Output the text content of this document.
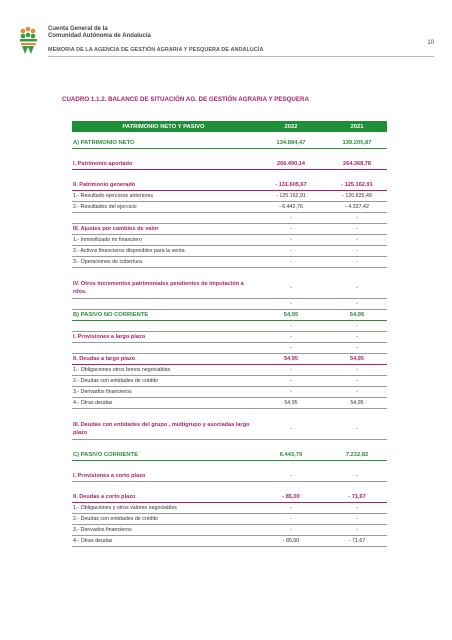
Cuenta General de la
Comunidad Autónoma de Andalucía
MEMORIA DE LA AGENCIA DE GESTIÓN AGRARIA Y PESQUERA DE ANDALUCÍA
10
CUADRO 1.1.2. BALANCE DE SITUACIÓN AG. DE GESTIÓN AGRARIA Y PESQUERA
PATRIMONIO NETO Y PASIVO	2022	2021

A) PATRIMONIO NETO	134.884,47	139.205,87

I. Patrimonio aportado	266.490,14	264.368,78

II. Patrimonio generado	- 131.605,67	- 125.162,91
1.- Resultado ejercicios anteriores	- 125.162,91	- 120.825,49
2.- Resultados del ejercicio	- 6.442,76	- 4.337,42
	-	-
III. Ajustes por cambios de valor	-	-
1.- Inmovilizado no financiero	-	-
2.- Activos financieros disponibles para la venta	-	-
3.- Operaciones de cobertura	-	-

IV. Otros incrementos patrimoniales pendientes de imputación a rdos.	-	-
	-	-
B) PASIVO NO CORRIENTE	54,95	54,95
	-	-
I. Provisiones a largo plazo	-	-
	-	-
II. Deudas a largo plazo	54,95	54,95
1.- Obligaciones otros bonos negociables	-	-
2.- Deudas con entidades de crédito	-	-
3.- Derivados financieros	-	-
4.- Otras deudas	54,95	54,95

III. Deudas con entidades del grupo , multigrupo y asociadas largo plazo	-	-

C) PASIVO CORRIENTE	6.443,79	7.232,82

I. Provisiones a corto plazo	-	-

II. Deudas a corto plazo	- 85,00	- 71,67
1.- Obligaciones y otros valores negociables	-	-
2.- Deudas con entidades de crédito	-	-
3.- Derivados financieros	-	-
4.- Otras deudas	- 85,00	- 71,67
